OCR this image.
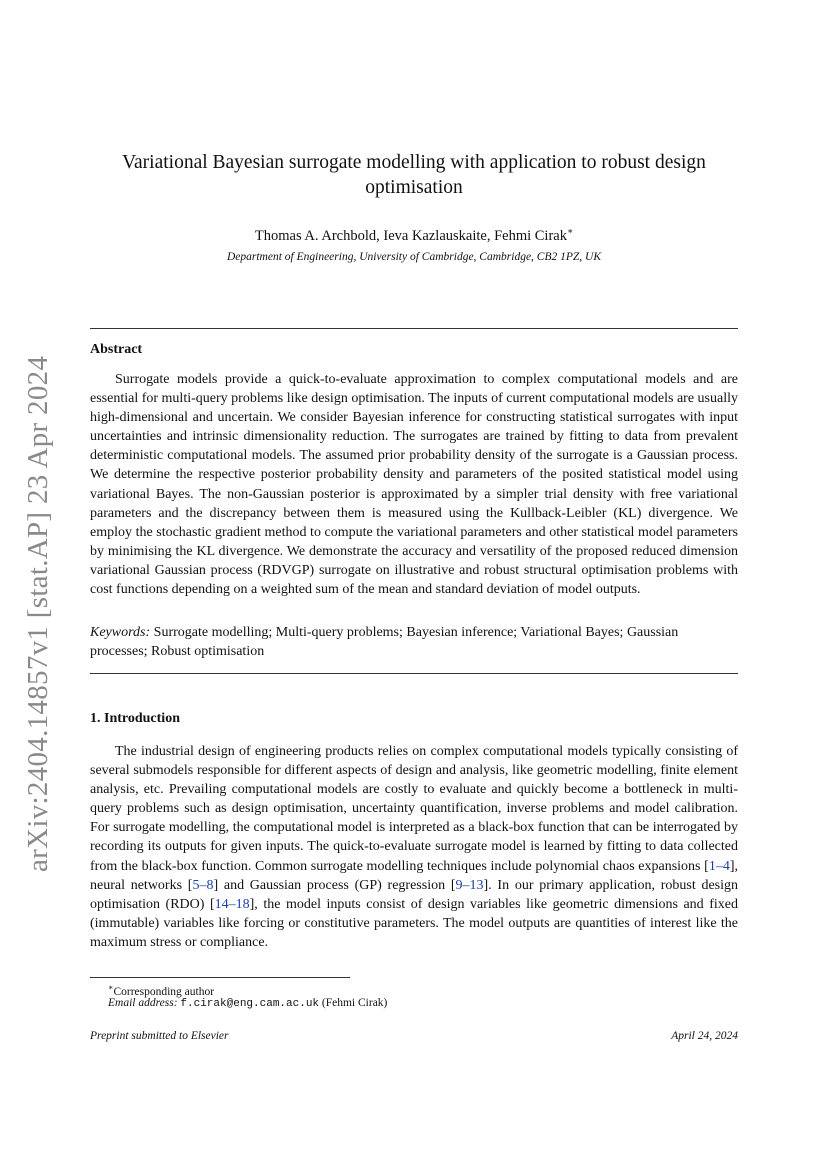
arXiv:2404.14857v1 [stat.AP] 23 Apr 2024
Variational Bayesian surrogate modelling with application to robust design optimisation
Thomas A. Archbold, Ieva Kazlauskaite, Fehmi Cirak∗
Department of Engineering, University of Cambridge, Cambridge, CB2 1PZ, UK
Abstract

Surrogate models provide a quick-to-evaluate approximation to complex computational models and are essential for multi-query problems like design optimisation. The inputs of current computational models are usually high-dimensional and uncertain. We consider Bayesian inference for constructing statistical surrogates with input uncertainties and intrinsic dimensionality reduction. The surrogates are trained by fitting to data from prevalent deterministic computational models. The assumed prior probability density of the surrogate is a Gaussian process. We determine the respective posterior probability density and parameters of the posited statistical model using variational Bayes. The non-Gaussian posterior is approximated by a simpler trial density with free variational parameters and the discrepancy between them is measured using the Kullback-Leibler (KL) divergence. We employ the stochastic gradient method to compute the variational parameters and other statistical model parameters by minimising the KL divergence. We demonstrate the accuracy and versatility of the proposed reduced dimension variational Gaussian process (RDVGP) surrogate on illustrative and robust structural optimisation problems with cost functions depending on a weighted sum of the mean and standard deviation of model outputs.

Keywords: Surrogate modelling; Multi-query problems; Bayesian inference; Variational Bayes; Gaussian processes; Robust optimisation

1. Introduction

The industrial design of engineering products relies on complex computational models typically consisting of several submodels responsible for different aspects of design and analysis, like geometric modelling, finite element analysis, etc. Prevailing computational models are costly to evaluate and quickly become a bottleneck in multi-query problems such as design optimisation, uncertainty quantification, inverse problems and model calibration. For surrogate modelling, the computational model is interpreted as a black-box function that can be interrogated by recording its outputs for given inputs. The quick-to-evaluate surrogate model is learned by fitting to data collected from the black-box function. Common surrogate modelling techniques include polynomial chaos expansions [1–4], neural networks [5–8] and Gaussian process (GP) regression [9–13]. In our primary application, robust design optimisation (RDO) [14–18], the model inputs consist of design variables like geometric dimensions and fixed (immutable) variables like forcing or constitutive parameters. The model outputs are quantities of interest like the maximum stress or compliance.

∗Corresponding author
Email address: f.cirak@eng.cam.ac.uk (Fehmi Cirak)
Preprint submitted to Elsevier	April 24, 2024
